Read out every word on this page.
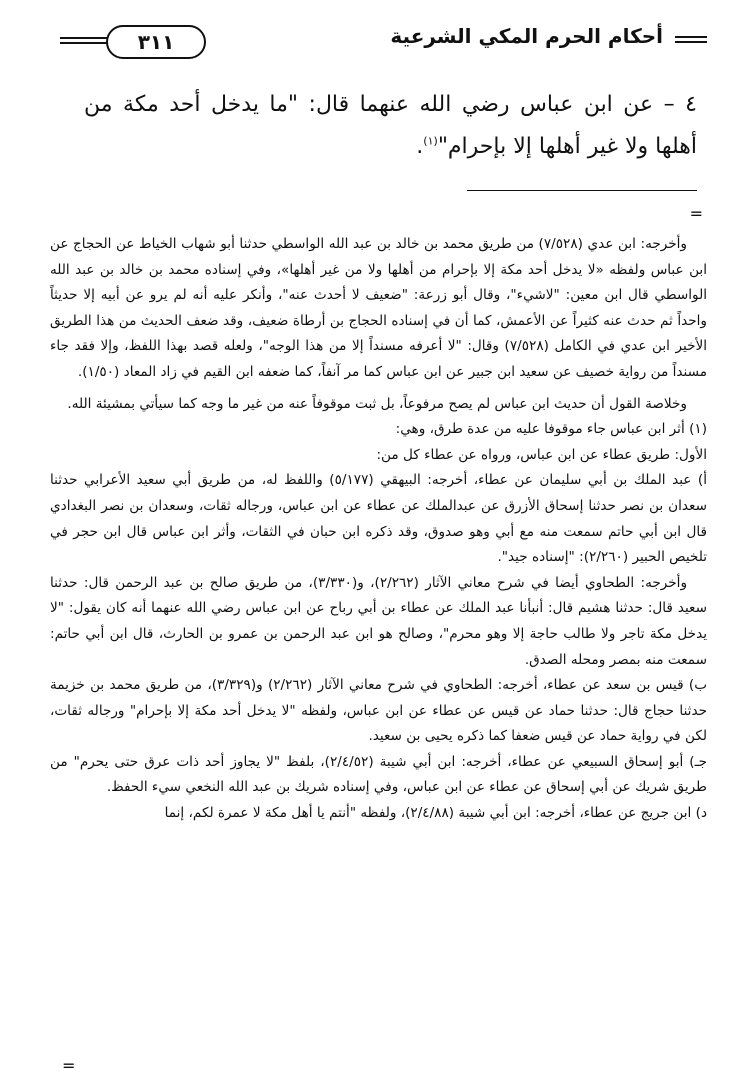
أحكام الحرم المكي الشرعية
٣١١
٤ – عن ابن عباس رضي الله عنهما قال: "ما يدخل أحد مكة من أهلها ولا غير أهلها إلا بإحرام"$^{(١)}$.
=

وأخرجه: ابن عدي (٧/٥٢٨) من طريق محمد بن خالد بن عبد الله الواسطي حدثنا أبو شهاب الخياط عن الحجاج عن ابن عباس ولفظه «لا يدخل أحد مكة إلا بإحرام من أهلها ولا من غير أهلها»، وفي إسناده محمد بن خالد بن عبد الله الواسطي قال ابن معين: "لاشيء"، وقال أبو زرعة: "ضعيف لا أحدث عنه"، وأنكر عليه أنه لم يرو عن أبيه إلا حديثاً واحداً ثم حدث عنه كثيراً عن الأعمش، كما أن في إسناده الحجاج بن أرطاة ضعيف، وقد ضعف الحديث من هذا الطريق الأخير ابن عدي في الكامل (٧/٥٢٨) وقال: "لا أعرفه مسنداً إلا من هذا الوجه"، ولعله قصد بهذا اللفظ، وإلا فقد جاء مسنداً من رواية خصيف عن سعيد ابن جبير عن ابن عباس كما مر آنفاً، كما ضعفه ابن القيم في زاد المعاد (١/٥٠).

وخلاصة القول أن حديث ابن عباس لم يصح مرفوعاً، بل ثبت موقوفاً عنه من غير ما وجه كما سيأتي بمشيئة الله.

(١) أثر ابن عباس جاء موقوفا عليه من عدة طرق، وهي:

الأول: طريق عطاء عن ابن عباس، ورواه عن عطاء كل من:

أ) عبد الملك بن أبي سليمان عن عطاء، أخرجه: البيهقي (٥/١٧٧) واللفظ له، من طريق أبي سعيد الأعرابي حدثنا سعدان بن نصر حدثنا إسحاق الأزرق عن عبدالملك عن عطاء عن ابن عباس، ورجاله ثقات، وسعدان بن نصر البغدادي قال ابن أبي حاتم سمعت منه مع أبي وهو صدوق، وقد ذكره ابن حبان في الثقات، وأثر ابن عباس قال ابن حجر في تلخيص الحبير (٢/٢٦٠): "إسناده جيد".

وأخرجه: الطحاوي أيضا في شرح معاني الآثار (٢/٢٦٢)، و(٣/٣٣٠)، من طريق صالح بن عبد الرحمن قال: حدثنا سعيد قال: حدثنا هشيم قال: أنبأنا عبد الملك عن عطاء بن أبي رباح عن ابن عباس رضي الله عنهما أنه كان يقول: "لا يدخل مكة تاجر ولا طالب حاجة إلا وهو محرم"، وصالح هو ابن عبد الرحمن بن عمرو بن الحارث، قال ابن أبي حاتم: سمعت منه بمصر ومحله الصدق.

ب) قيس بن سعد عن عطاء، أخرجه: الطحاوي في شرح معاني الآثار (٢/٢٦٢) و(٣/٣٢٩)، من طريق محمد بن خزيمة حدثنا حجاج قال: حدثنا حماد عن قيس عن عطاء عن ابن عباس، ولفظه "لا يدخل أحد مكة إلا بإحرام" ورجاله ثقات، لكن في رواية حماد عن قيس ضعفا كما ذكره يحيى بن سعيد.

جـ) أبو إسحاق السبيعي عن عطاء، أخرجه: ابن أبي شيبة (٢/٤/٥٢)، بلفظ "لا يجاوز أحد ذات عرق حتى يحرم" من طريق شريك عن أبي إسحاق عن عطاء عن ابن عباس، وفي إسناده شريك بن عبد الله النخعي سيء الحفظ.

د) ابن جريج عن عطاء، أخرجه: ابن أبي شيبة (٢/٤/٨٨)، ولفظه "أنتم يا أهل مكة لا عمرة لكم، إنما

=
